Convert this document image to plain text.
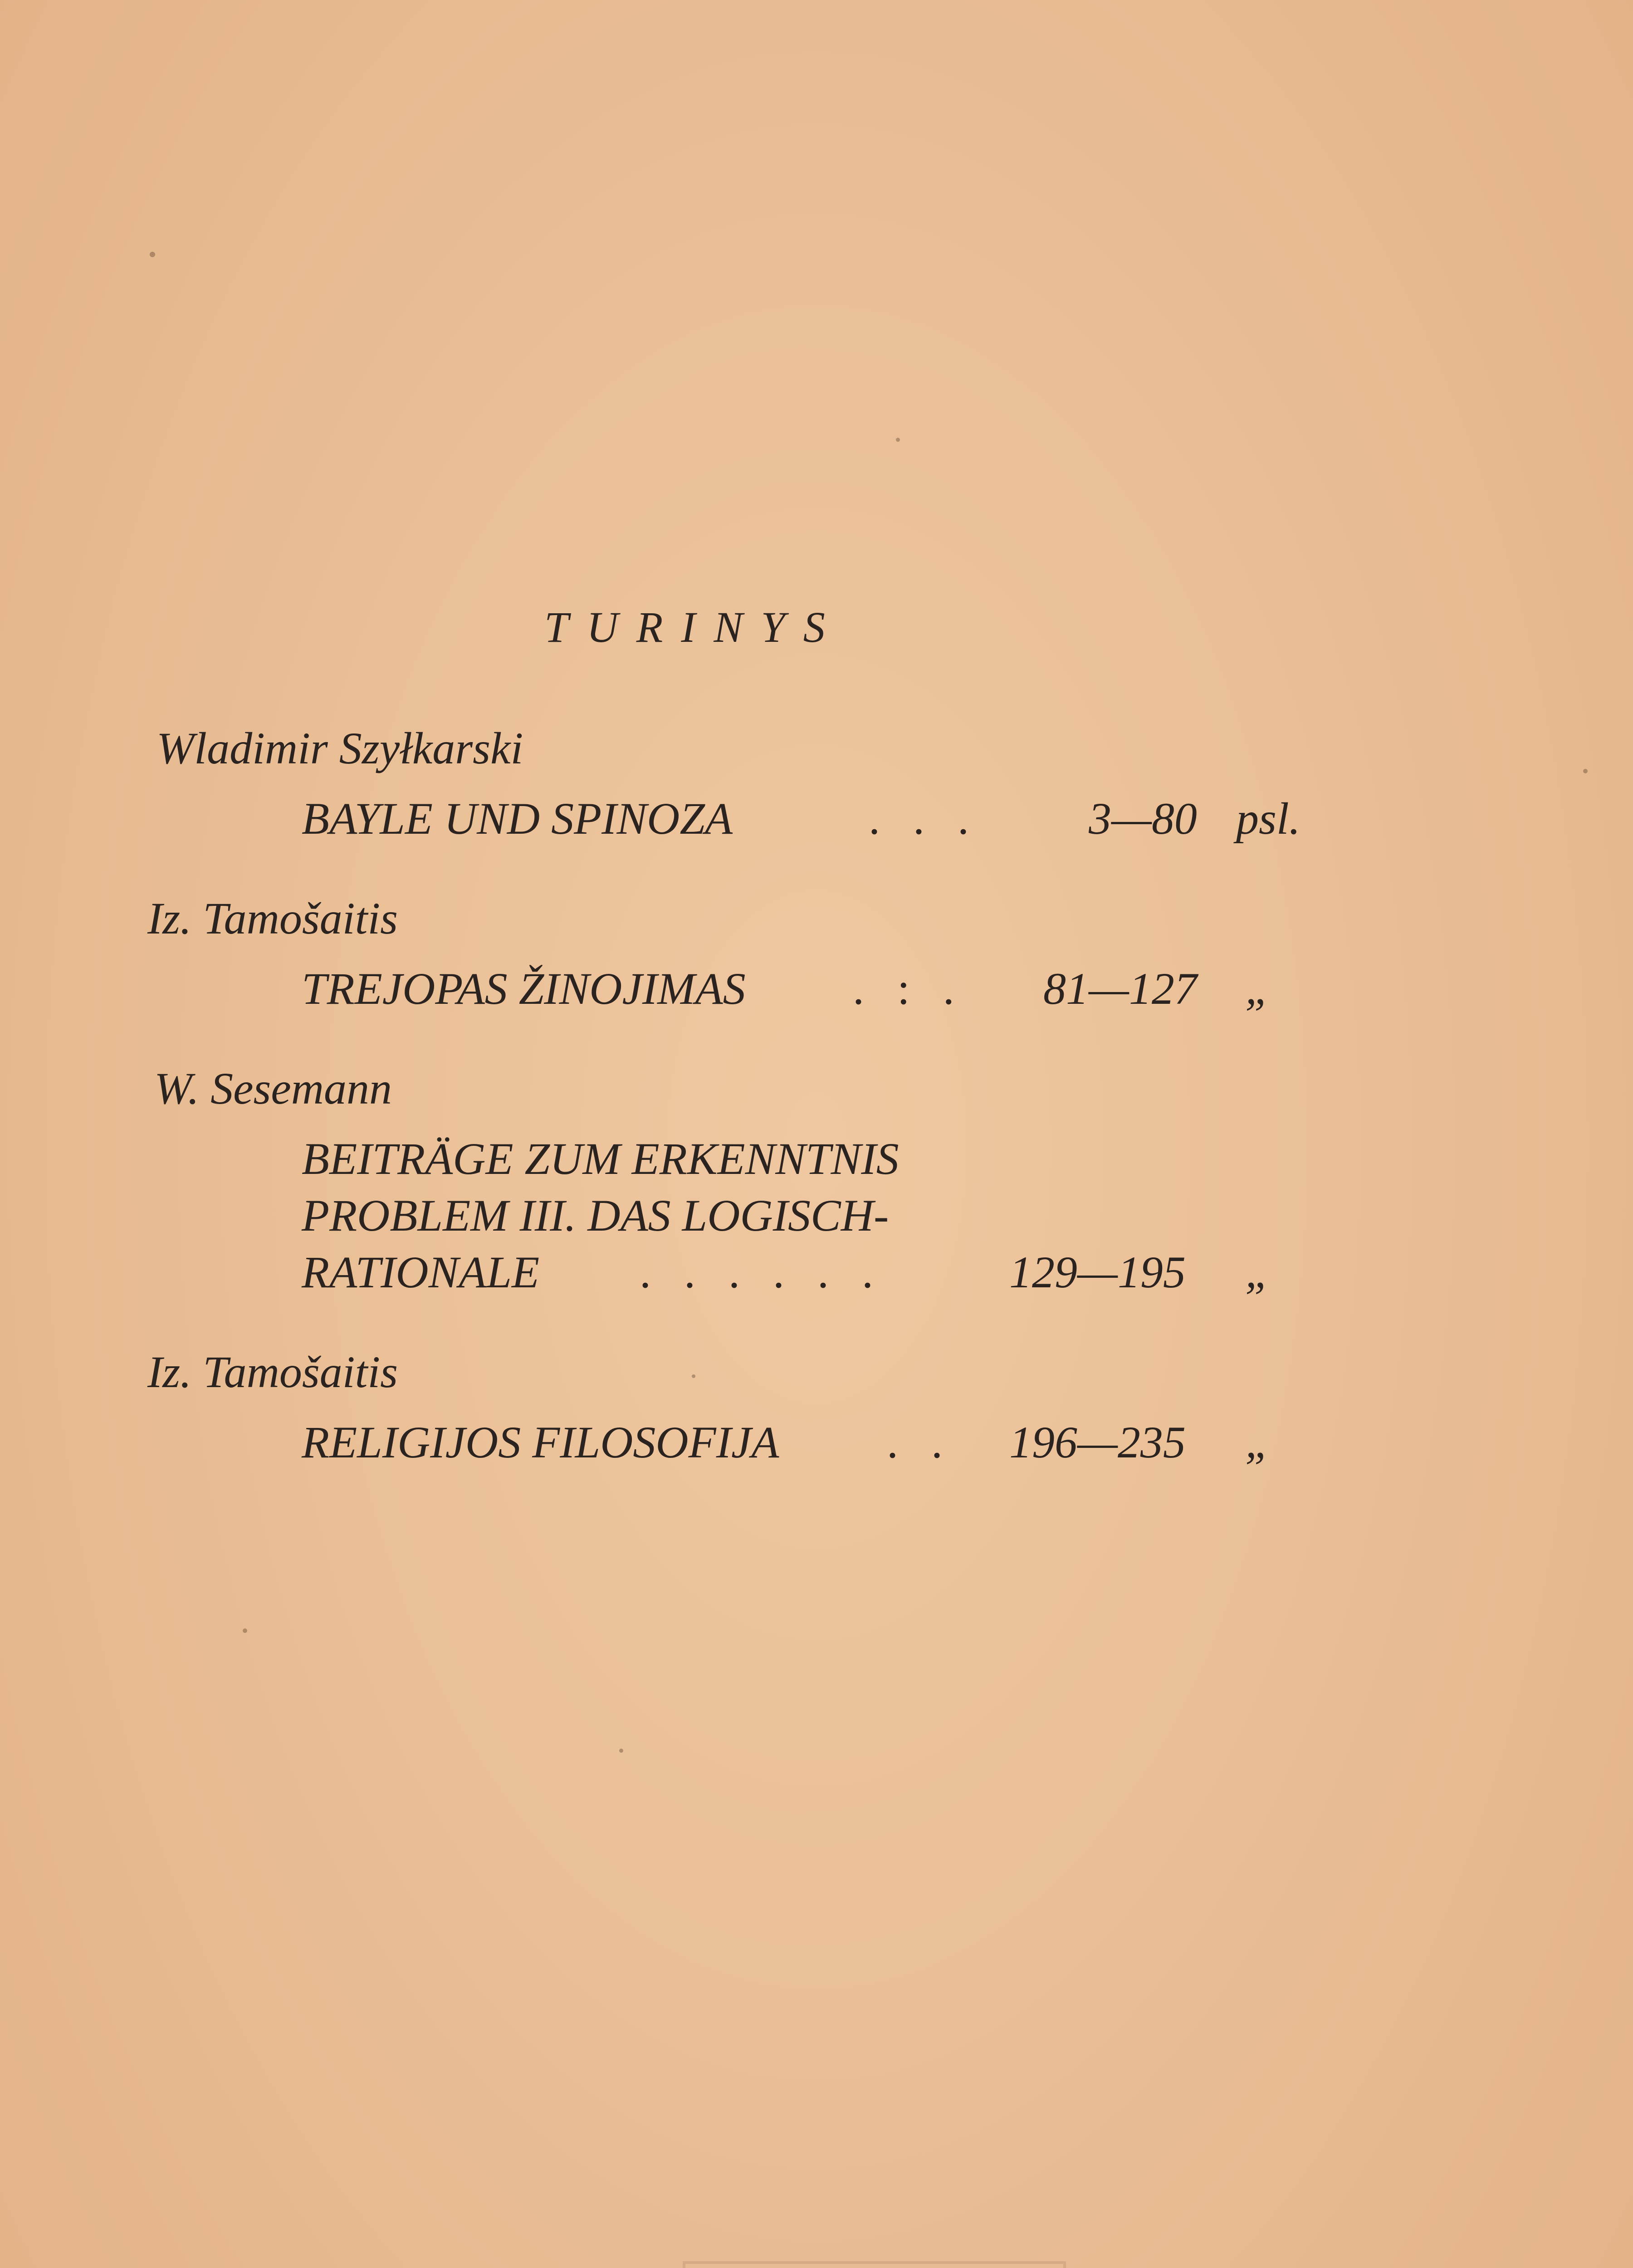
TURINYS
Wladimir Szyłkarski
BAYLE UND SPINOZA	. . . 3—80 psl.
Iz. Tamošaitis
TREJOPAS ŽINOJIMAS . : . 81—127 „
W. Sesemann
BEITRÄGE ZUM ERKENNTNIS
PROBLEM III. DAS LOGISCH-
RATIONALE . . . . . .	129—195 „
Iz. Tamošaitis
RELIGIJOS FILOSOFIJA . . 196—235 „
